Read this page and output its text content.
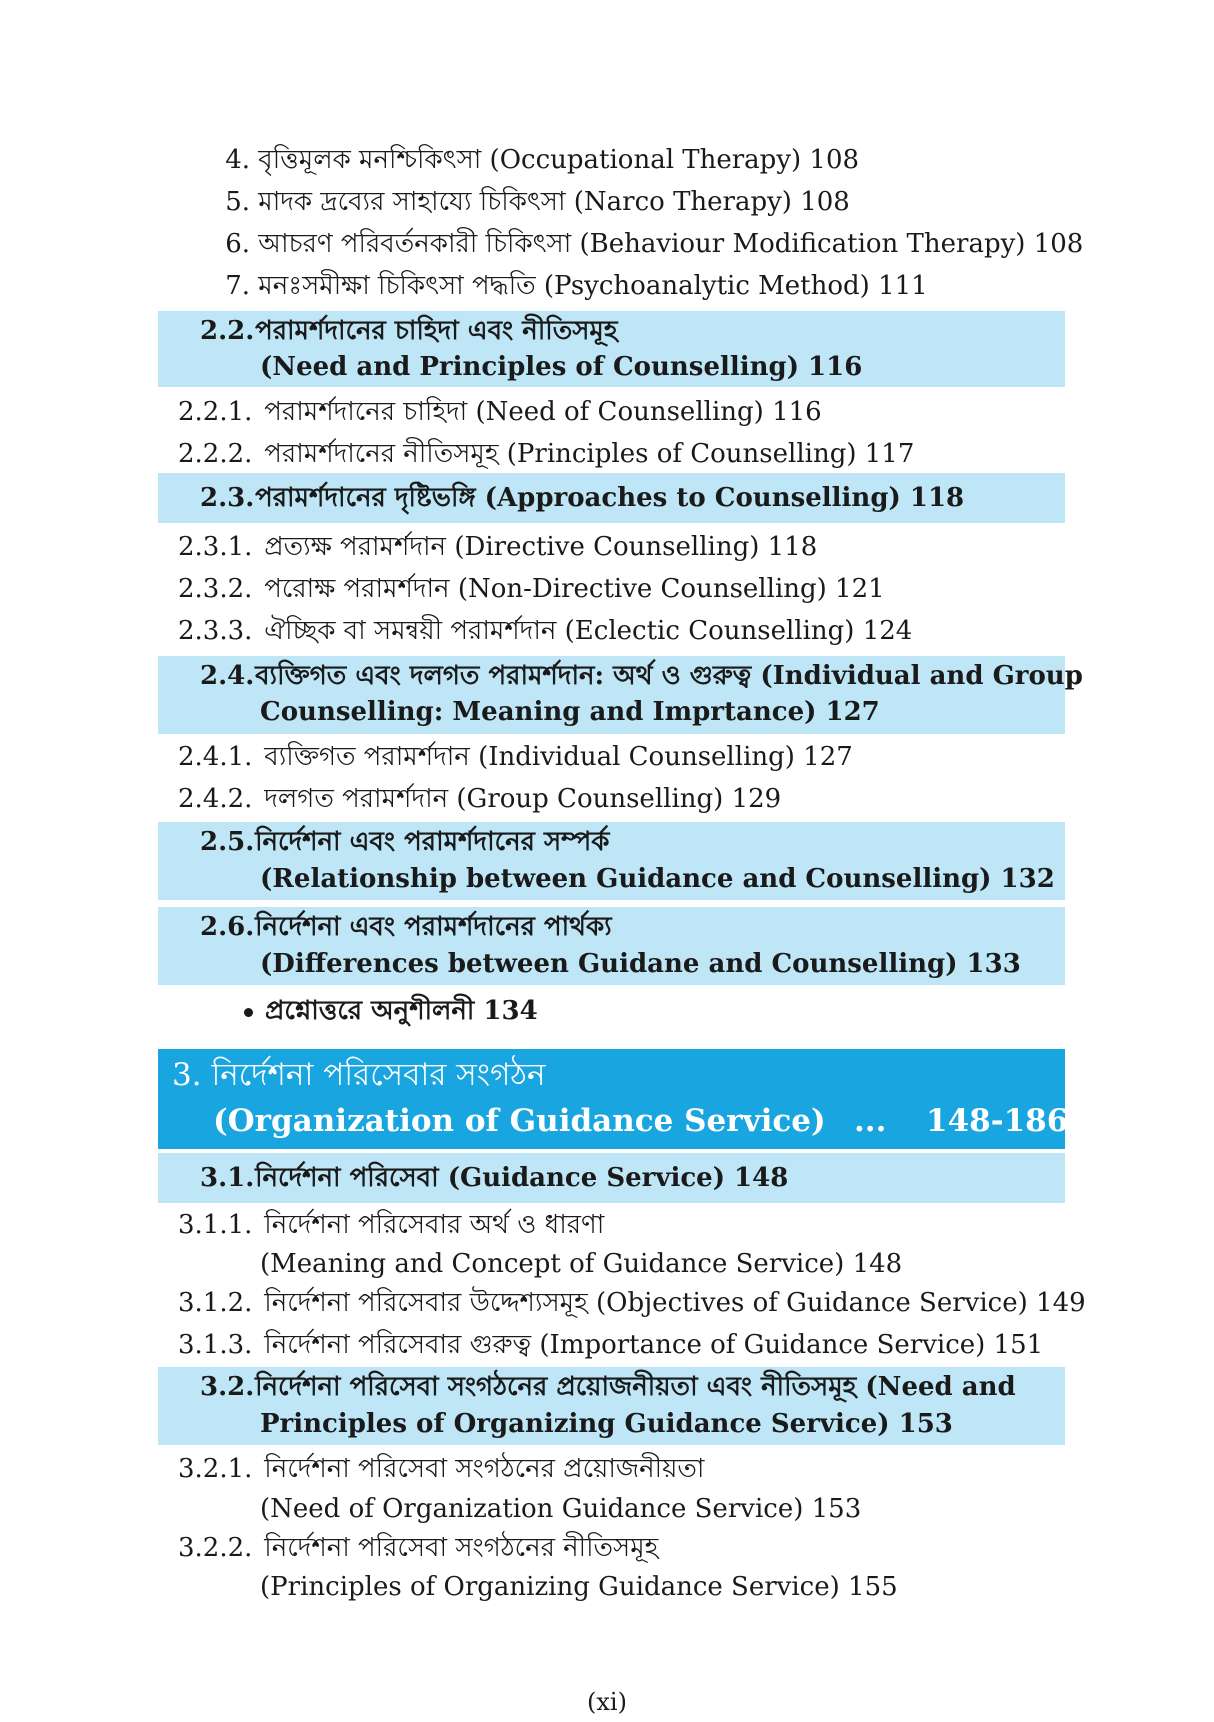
4. বৃত্তিমূলক মনশ্চিকিৎসা (Occupational Therapy) 108
5. মাদক দ্রব্যের সাহায্যে চিকিৎসা (Narco Therapy) 108
6. আচরণ পরিবর্তনকারী চিকিৎসা (Behaviour Modification Therapy) 108
7. মনঃসমীক্ষা চিকিৎসা পদ্ধতি (Psychoanalytic Method) 111
2.2. পরামর্শদানের চাহিদা এবং নীতিসমূহ
(Need and Principles of Counselling) 116
2.2.1. পরামর্শদানের চাহিদা (Need of Counselling) 116
2.2.2. পরামর্শদানের নীতিসমূহ (Principles of Counselling) 117
2.3. পরামর্শদানের দৃষ্টিভঙ্গি (Approaches to Counselling) 118
2.3.1. প্রত্যক্ষ পরামর্শদান (Directive Counselling) 118
2.3.2. পরোক্ষ পরামর্শদান (Non-Directive Counselling) 121
2.3.3. ঐচ্ছিক বা সমন্বয়ী পরামর্শদান (Eclectic Counselling) 124
2.4. ব্যক্তিগত এবং দলগত পরামর্শদান: অর্থ ও গুরুত্ব (Individual and Group
Counselling: Meaning and Imprtance) 127
2.4.1. ব্যক্তিগত পরামর্শদান (Individual Counselling) 127
2.4.2. দলগত পরামর্শদান (Group Counselling) 129
2.5. নির্দেশনা এবং পরামর্শদানের সম্পর্ক
(Relationship between Guidance and Counselling) 132
2.6. নির্দেশনা এবং পরামর্শদানের পার্থক্য
(Differences between Guidane and Counselling) 133
প্রশ্নোত্তরে অনুশীলনী 134
3. নির্দেশনা পরিসেবার সংগঠন
(Organization of Guidance Service) ... 148-186
3.1. নির্দেশনা পরিসেবা (Guidance Service) 148
3.1.1. নির্দেশনা পরিসেবার অর্থ ও ধারণা
(Meaning and Concept of Guidance Service) 148
3.1.2. নির্দেশনা পরিসেবার উদ্দেশ্যসমূহ (Objectives of Guidance Service) 149
3.1.3. নির্দেশনা পরিসেবার গুরুত্ব (Importance of Guidance Service) 151
3.2. নির্দেশনা পরিসেবা সংগঠনের প্রয়োজনীয়তা এবং নীতিসমূহ (Need and
Principles of Organizing Guidance Service) 153
3.2.1. নির্দেশনা পরিসেবা সংগঠনের প্রয়োজনীয়তা
(Need of Organization Guidance Service) 153
3.2.2. নির্দেশনা পরিসেবা সংগঠনের নীতিসমূহ
(Principles of Organizing Guidance Service) 155
(xi)
